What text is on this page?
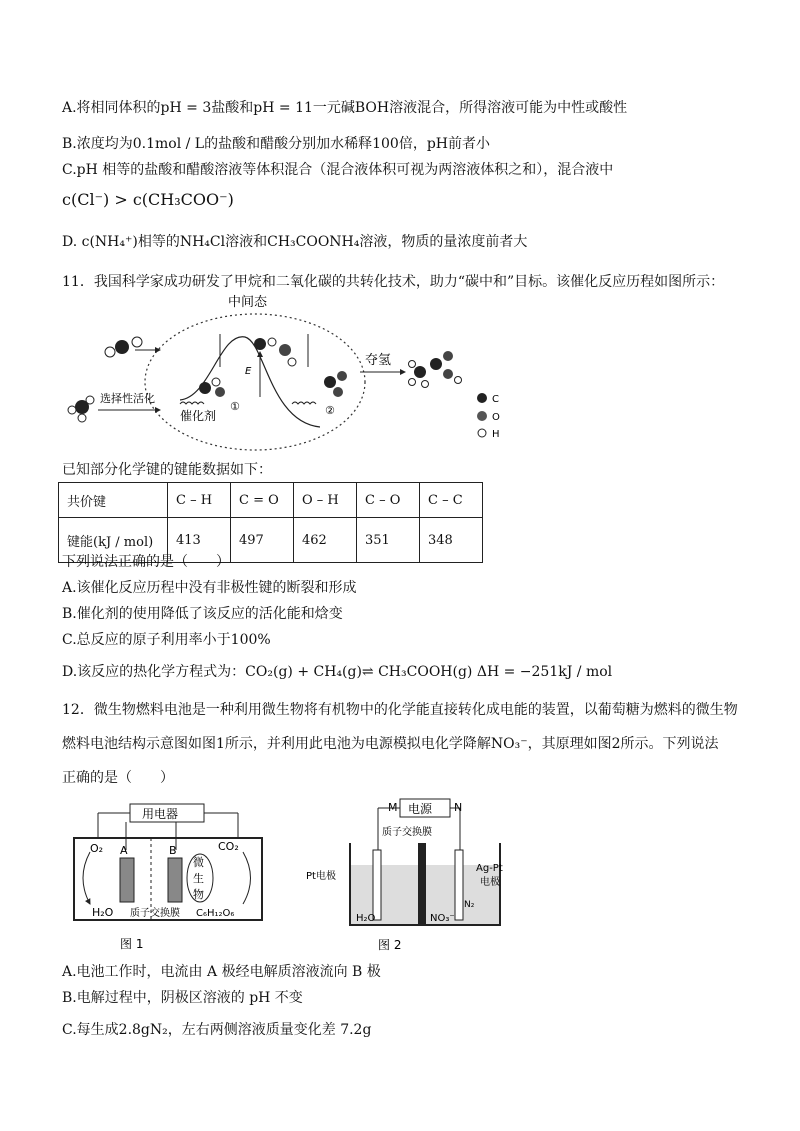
A.将相同体积的pH = 3盐酸和pH = 11一元碱BOH溶液混合，所得溶液可能为中性或酸性
B.浓度均为0.1mol / L的盐酸和醋酸分别加水稀释100倍，pH前者小
C.pH 相等的盐酸和醋酸溶液等体积混合（混合液体积可视为两溶液体积之和），混合液中
c(Cl⁻) > c(CH₃COO⁻)
D. c(NH₄⁺)相等的NH₄Cl溶液和CH₃COONH₄溶液，物质的量浓度前者大
11．我国科学家成功研发了甲烷和二氧化碳的共转化技术，助力“碳中和”目标。该催化反应历程如图所示：
中间态
选择性活化
E
催化剂
①	②
夺氢
C
O
H
已知部分化学键的键能数据如下：
共价键	C – H	C = O	O – H	C – O	C – C
键能(kJ / mol)	413	497	462	351	348
下列说法正确的是（　　）
A.该催化反应历程中没有非极性键的断裂和形成
B.催化剂的使用降低了该反应的活化能和焓变
C.总反应的原子利用率小于100%
D.该反应的热化学方程式为：CO₂(g) + CH₄(g)⇌ CH₃COOH(g) ΔH = −251kJ / mol
12．微生物燃料电池是一种利用微生物将有机物中的化学能直接转化成电能的装置，以葡萄糖为燃料的微生物
燃料电池结构示意图如图1所示，并利用此电池为电源模拟电化学降解NO₃⁻，其原理如图2所示。下列说法
正确的是（　　）
用电器
微
生
物
O₂	CO₂
A	B
H₂O 质子交换膜 C₆H₁₂O₆
图 1
电源
M	N
质子交换膜
Pt电极
Ag-Pt
电极
H₂O	NO₃⁻
N₂
图 2
A.电池工作时，电流由 A 极经电解质溶液流向 B 极
B.电解过程中，阴极区溶液的 pH 不变
C.每生成2.8gN₂，左右两侧溶液质量变化差 7.2g
